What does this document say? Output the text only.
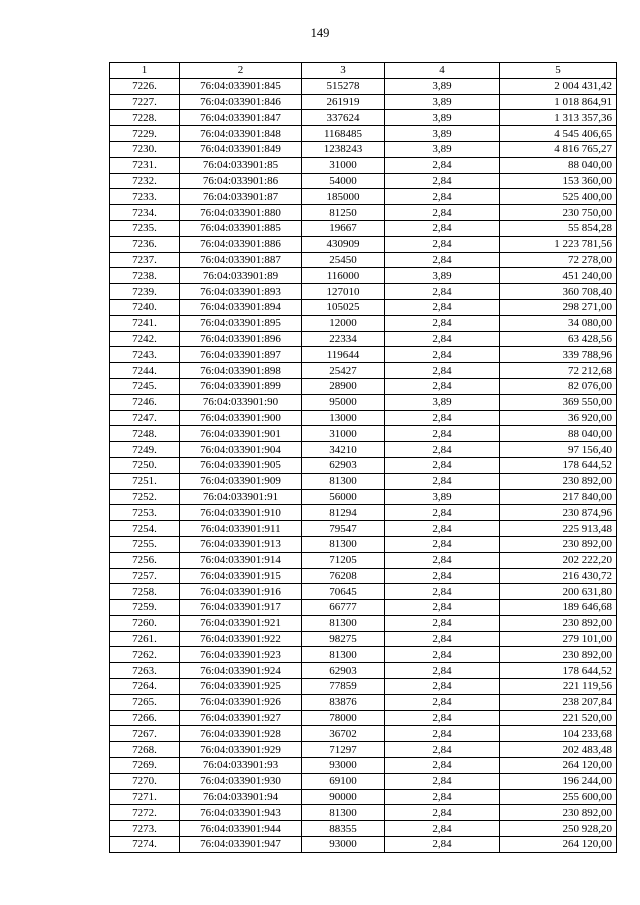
149
1	2	3	4	5
7226.	76:04:033901:845	515278	3,89	2 004 431,42
7227.	76:04:033901:846	261919	3,89	1 018 864,91
7228.	76:04:033901:847	337624	3,89	1 313 357,36
7229.	76:04:033901:848	1168485	3,89	4 545 406,65
7230.	76:04:033901:849	1238243	3,89	4 816 765,27
7231.	76:04:033901:85	31000	2,84	88 040,00
7232.	76:04:033901:86	54000	2,84	153 360,00
7233.	76:04:033901:87	185000	2,84	525 400,00
7234.	76:04:033901:880	81250	2,84	230 750,00
7235.	76:04:033901:885	19667	2,84	55 854,28
7236.	76:04:033901:886	430909	2,84	1 223 781,56
7237.	76:04:033901:887	25450	2,84	72 278,00
7238.	76:04:033901:89	116000	3,89	451 240,00
7239.	76:04:033901:893	127010	2,84	360 708,40
7240.	76:04:033901:894	105025	2,84	298 271,00
7241.	76:04:033901:895	12000	2,84	34 080,00
7242.	76:04:033901:896	22334	2,84	63 428,56
7243.	76:04:033901:897	119644	2,84	339 788,96
7244.	76:04:033901:898	25427	2,84	72 212,68
7245.	76:04:033901:899	28900	2,84	82 076,00
7246.	76:04:033901:90	95000	3,89	369 550,00
7247.	76:04:033901:900	13000	2,84	36 920,00
7248.	76:04:033901:901	31000	2,84	88 040,00
7249.	76:04:033901:904	34210	2,84	97 156,40
7250.	76:04:033901:905	62903	2,84	178 644,52
7251.	76:04:033901:909	81300	2,84	230 892,00
7252.	76:04:033901:91	56000	3,89	217 840,00
7253.	76:04:033901:910	81294	2,84	230 874,96
7254.	76:04:033901:911	79547	2,84	225 913,48
7255.	76:04:033901:913	81300	2,84	230 892,00
7256.	76:04:033901:914	71205	2,84	202 222,20
7257.	76:04:033901:915	76208	2,84	216 430,72
7258.	76:04:033901:916	70645	2,84	200 631,80
7259.	76:04:033901:917	66777	2,84	189 646,68
7260.	76:04:033901:921	81300	2,84	230 892,00
7261.	76:04:033901:922	98275	2,84	279 101,00
7262.	76:04:033901:923	81300	2,84	230 892,00
7263.	76:04:033901:924	62903	2,84	178 644,52
7264.	76:04:033901:925	77859	2,84	221 119,56
7265.	76:04:033901:926	83876	2,84	238 207,84
7266.	76:04:033901:927	78000	2,84	221 520,00
7267.	76:04:033901:928	36702	2,84	104 233,68
7268.	76:04:033901:929	71297	2,84	202 483,48
7269.	76:04:033901:93	93000	2,84	264 120,00
7270.	76:04:033901:930	69100	2,84	196 244,00
7271.	76:04:033901:94	90000	2,84	255 600,00
7272.	76:04:033901:943	81300	2,84	230 892,00
7273.	76:04:033901:944	88355	2,84	250 928,20
7274.	76:04:033901:947	93000	2,84	264 120,00
